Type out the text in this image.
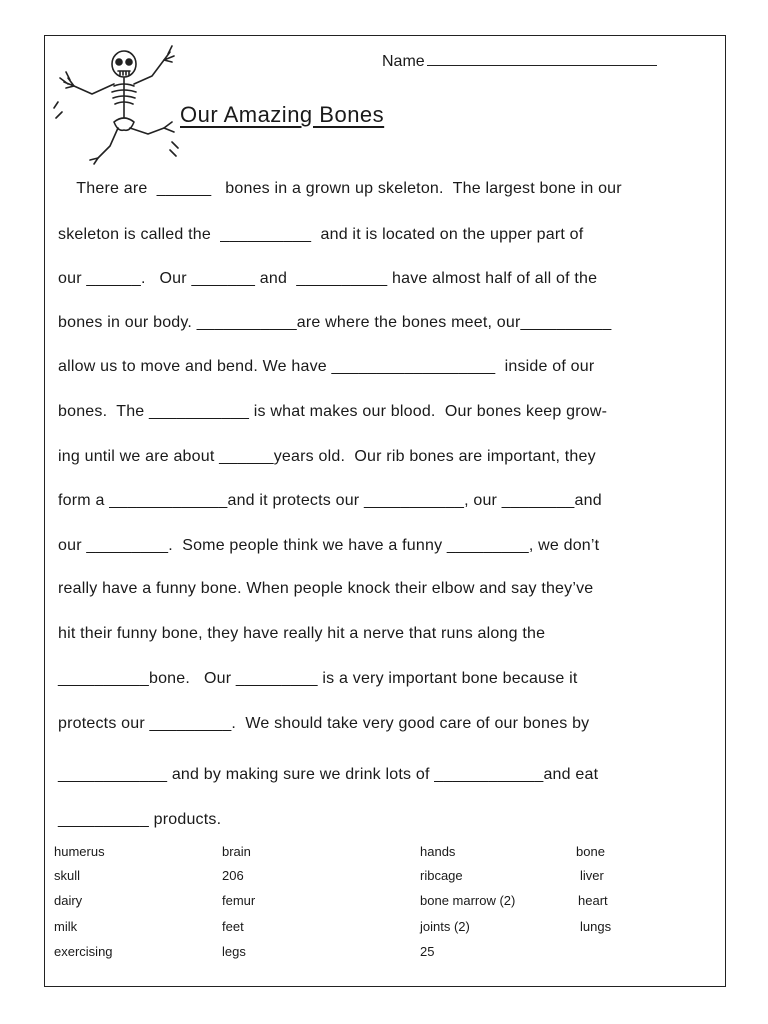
Name
Our Amazing Bones
There are  ______   bones in a grown up skeleton.  The largest bone in our
skeleton is called the  __________  and it is located on the upper part of
our ______.   Our _______ and  __________ have almost half of all of the
bones in our body. ___________are where the bones meet, our__________
allow us to move and bend. We have __________________  inside of our
bones.  The ___________ is what makes our blood.  Our bones keep grow-
ing until we are about ______years old.  Our rib bones are important, they
form a _____________and it protects our ___________, our ________and
our _________.  Some people think we have a funny _________, we don’t
really have a funny bone. When people knock their elbow and say they’ve
hit their funny bone, they have really hit a nerve that runs along the
__________bone.   Our _________ is a very important bone because it
protects our _________.  We should take very good care of our bones by
____________ and by making sure we drink lots of ____________and eat
__________ products.
humerus
skull
dairy
milk
exercising
brain
206
femur
feet
legs
hands
ribcage
bone marrow (2)
joints (2)
25
bone
liver
heart
lungs
